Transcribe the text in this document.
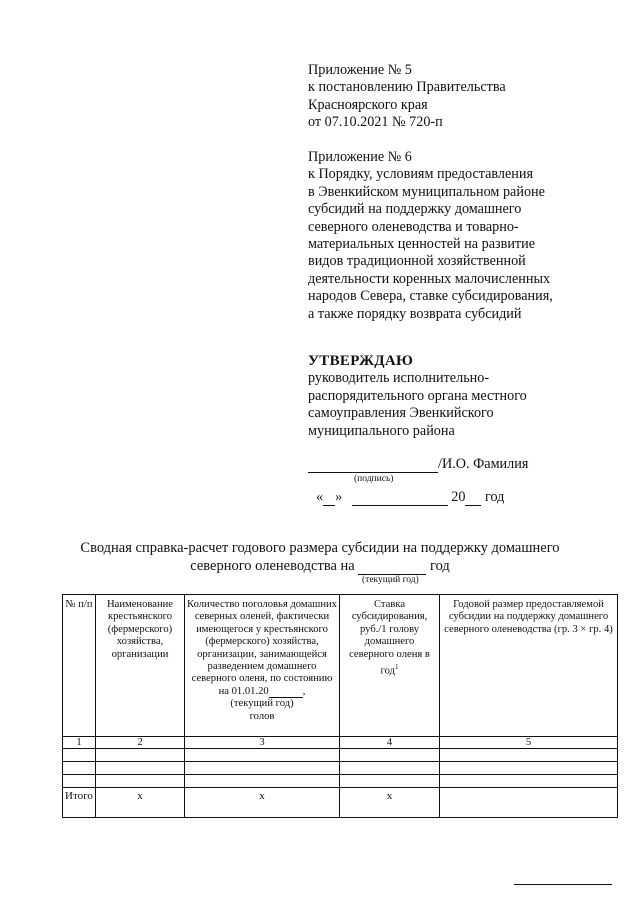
Приложение № 5
к постановлению Правительства
Красноярского края
от 07.10.2021 № 720-п
Приложение № 6
к Порядку, условиям предоставления
в Эвенкийском муниципальном районе
субсидий на поддержку домашнего
северного оленеводства и товарно-
материальных ценностей на развитие
видов традиционной хозяйственной
деятельности коренных малочисленных
народов Севера, ставке субсидирования,
а также порядку возврата субсидий
УТВЕРЖДАЮ
руководитель исполнительно-
распорядительного органа местного
самоуправления Эвенкийского
муниципального района
/И.О. Фамилия
(подпись)
« »	20 год
Сводная справка-расчет годового размера субсидии на поддержку домашнего
северного оленеводства на	год
(текущий год)
№ п/п	Наименование крестьянского (фермерского) хозяйства, организации	Количество поголовья домашних северных оленей, фактически имеющегося у крестьянского (фермерского) хозяйства, организации, занимающейся разведением домашнего северного оленя, по состоянию
на 01.01.20 ,
(текущий год)
голов	Ставка субсидирования, руб./1 голову домашнего северного оленя в год$^1$	Годовой размер предоставляемой субсидии на поддержку домашнего северного оленеводства (гр. 3 × гр. 4)
1	2	3	4	5

Итого	х	х	х	
